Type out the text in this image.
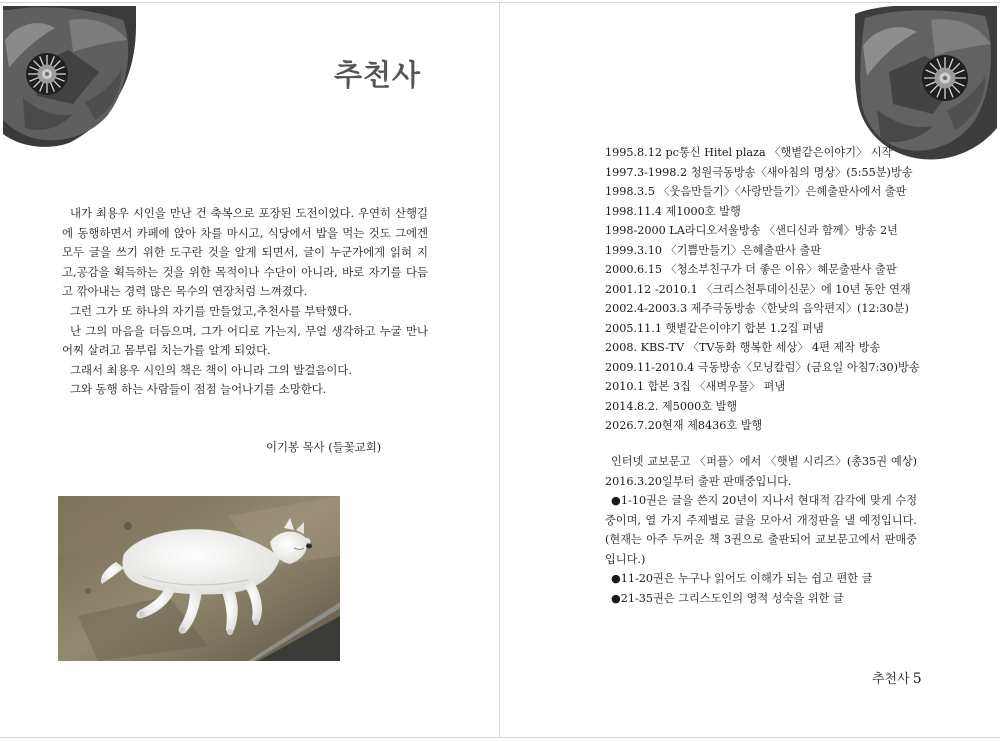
추천사

내가 최용우 시인을 만난 건 축복으로 포장된 도전이었다. 우연히 산행길에 동행하면서 카페에 앉아 차를 마시고, 식당에서 밥을 먹는 것도 그에겐 모두 글을 쓰기 위한 도구란 것을 알게 되면서, 글이 누군가에게 읽혀 지고,공감을 획득하는 것을 위한 목적이나 수단이 아니라, 바로 자기를 다듬고 깎아내는 경력 많은 목수의 연장처럼 느껴졌다.

그런 그가 또 하나의 자기를 만들었고,추천사를 부탁했다.

난 그의 마음을 더듬으며, 그가 어디로 가는지, 무얼 생각하고 누굴 만나 어찌 살려고 몸부림 치는가를 알게 되었다.

그래서 최용우 시인의 책은 책이 아니라 그의 발걸음이다.

그와 동행 하는 사람들이 점점 늘어나기를 소망한다.

이기봉 목사 (들꽃교회)
1995.8.12 pc통신 Hitel plaza 〈햇볕같은이야기〉 시작
1997.3-1998.2 청원극동방송〈새아침의 명상〉(5:55분)방송
1998.3.5 〈웃음만들기〉〈사랑만들기〉은혜출판사에서 출판
1998.11.4 제1000호 발행
1998-2000 LA라디오서울방송 〈샌디신과 함께〉방송 2년
1999.3.10 〈기쁨만들기〉은혜출판사 출판
2000.6.15 〈청소부친구가 더 좋은 이유〉혜문출판사 출판
2001.12 -2010.1 〈크리스천투데이신문〉에 10년 동안 연재
2002.4-2003.3 제주극동방송〈한낮의 음악편지〉(12:30분)
2005.11.1 햇볕같은이야기 합본 1.2집 펴냄
2008. KBS-TV 〈TV동화 행복한 세상〉 4편 제작 방송
2009.11-2010.4 극동방송〈모닝칼럼〉(금요일 아침7:30)방송
2010.1 합본 3집 〈새벽우물〉 펴냄
2014.8.2. 제5000호 발행
2026.7.20현재 제8436호 발행

인터넷 교보문고 〈퍼플〉에서 〈햇볕 시리즈〉(총35권 예상) 2016.3.20일부터 출판 판매중입니다.

●1-10권은 글을 쓴지 20년이 지나서 현대적 감각에 맞게 수정중이며, 열 가지 주제별로 글을 모아서 개정판을 낼 예정입니다.(현재는 아주 두꺼운 책 3권으로 출판되어 교보문고에서 판매중입니다.)

●11-20권은 누구나 읽어도 이해가 되는 쉽고 편한 글

●21-35권은 그리스도인의 영적 성숙을 위한 글

추천사 5
